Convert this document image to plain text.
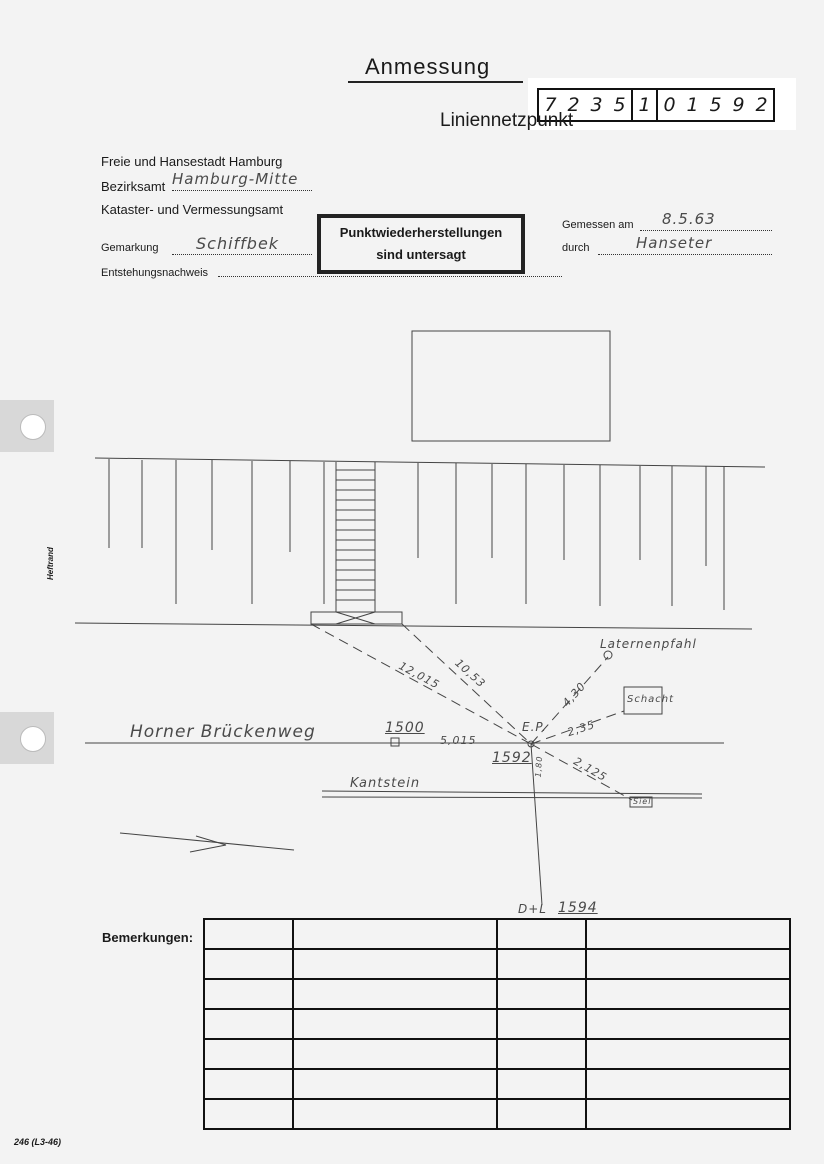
Heftrand
Anmessung
7 2 3 5 1 0 1 5 9 2
Liniennetzpunkt
Freie und Hansestadt Hamburg
Bezirksamt Hamburg-Mitte
Kataster- und Vermessungsamt
Gemarkung	Schiffbek
Entstehungsnachweis
Gemessen am	8.5.63
durch	Hanseter
Punktwiederherstellungen
sind untersagt
Horner Brückenweg
Kantstein
Laternenpfahl
Schacht
Siel
E.P.
1500
1592
1594
D+L
12,015 10,53
5,015
4,30
2,35
2,125
1,80
Bemerkungen:

246 (L3-46)
